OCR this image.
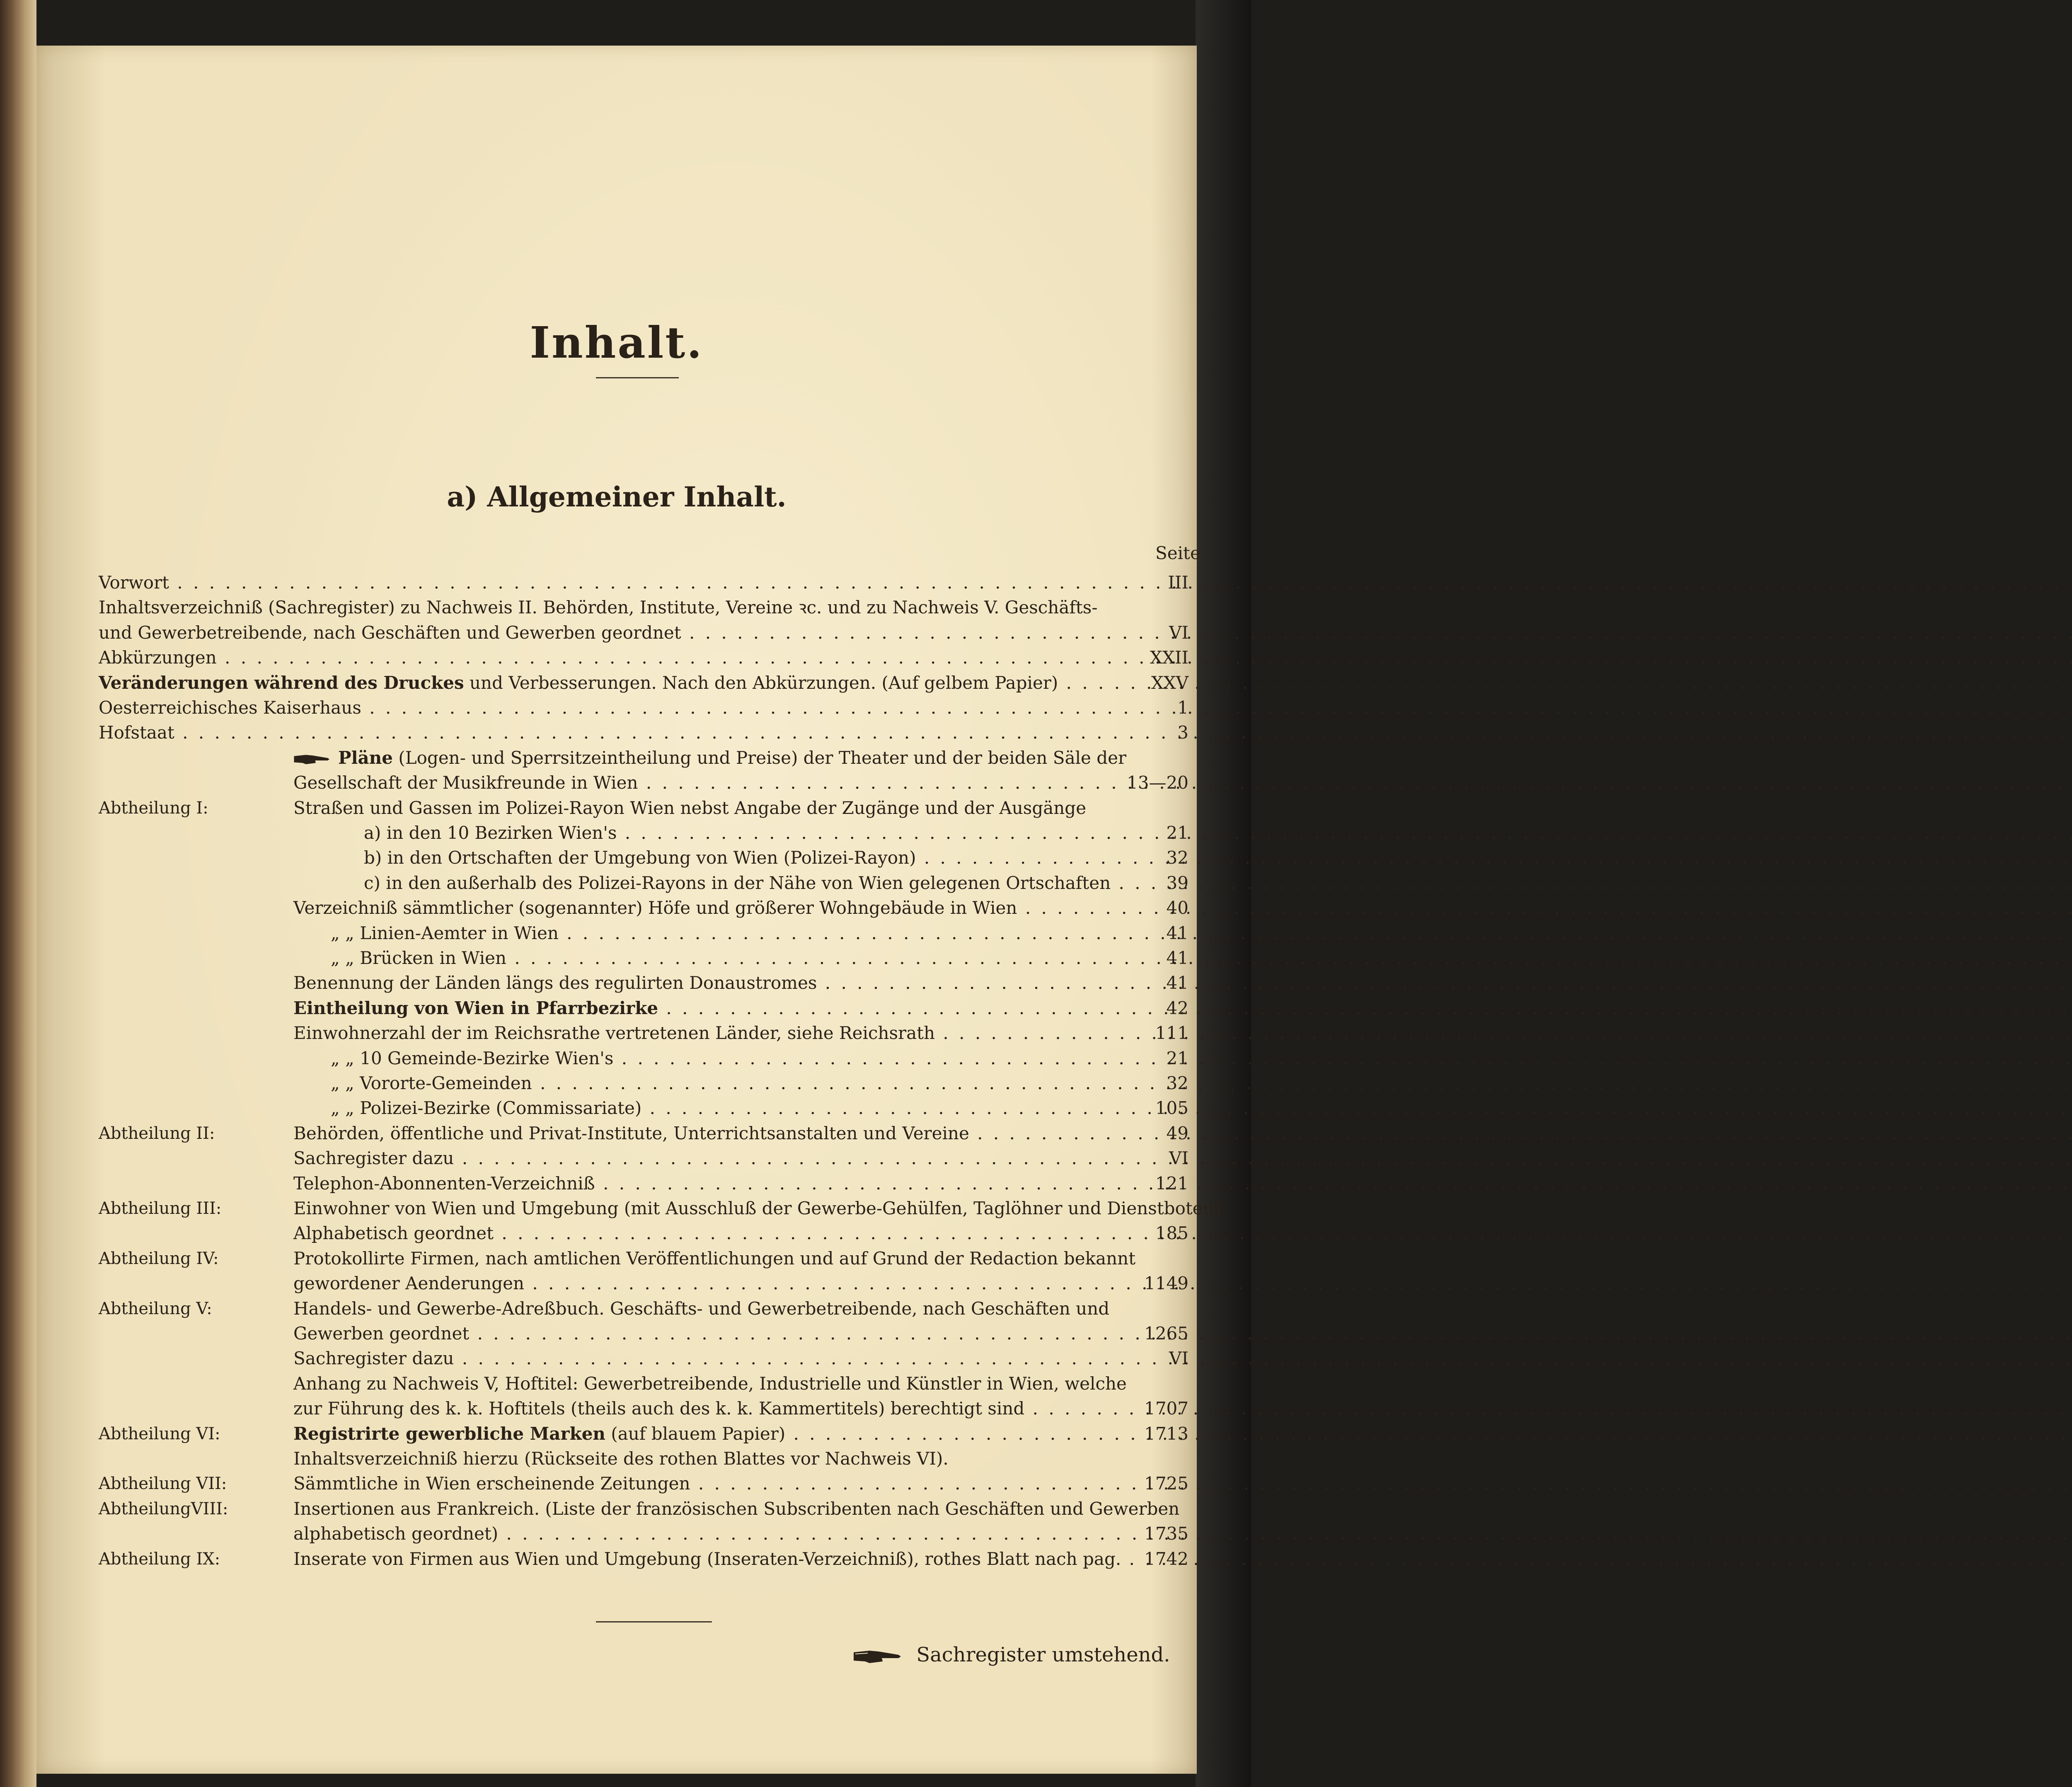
Inhalt.
a) Allgemeiner Inhalt.
Seite
Vorwort . . .	III
Inhaltsverzeichniß (Sachregister) zu Nachweis II. Behörden, Institute, Vereine ꝛc. und zu Nachweis V. Geschäfts-
und Gewerbetreibende, nach Geschäften und Gewerben geordnet . . .	VI
Abkürzungen . . .	XXII
Veränderungen während des Druckes und Verbesserungen. Nach den Abkürzungen. (Auf gelbem Papier) . . .	XXV
Oesterreichisches Kaiserhaus . . .	1
Hofstaat . . .	3
Pläne (Logen- und Sperrsitzeintheilung und Preise) der Theater und der beiden Säle der
Gesellschaft der Musikfreunde in Wien . . .	13—20
Abtheilung I:	Straßen und Gassen im Polizei-Rayon Wien nebst Angabe der Zugänge und der Ausgänge
a) in den 10 Bezirken Wien's . . .	21
b) in den Ortschaften der Umgebung von Wien (Polizei-Rayon) . . .	32
c) in den außerhalb des Polizei-Rayons in der Nähe von Wien gelegenen Ortschaften . . .	39
Verzeichniß sämmtlicher (sogenannter) Höfe und größerer Wohngebäude in Wien . . .	40
„ „ Linien-Aemter in Wien . . .	41
„ „ Brücken in Wien . . .	41
Benennung der Länden längs des regulirten Donaustromes . . .	41
Eintheilung von Wien in Pfarrbezirke . . .	42
Einwohnerzahl der im Reichsrathe vertretenen Länder, siehe Reichsrath . . .	111
„ „ 10 Gemeinde-Bezirke Wien's . . .	21
„ „ Vororte-Gemeinden . . .	32
„ „ Polizei-Bezirke (Commissariate) . . .	105
Abtheilung II:	Behörden, öffentliche und Privat-Institute, Unterrichtsanstalten und Vereine . . .	49
Sachregister dazu . . .	VI
Telephon-Abonnenten-Verzeichniß . . .	121
Abtheilung III:	Einwohner von Wien und Umgebung (mit Ausschluß der Gewerbe-Gehülfen, Taglöhner und Dienstboten).
Alphabetisch geordnet . . .	185
Abtheilung IV:	Protokollirte Firmen, nach amtlichen Veröffentlichungen und auf Grund der Redaction bekannt
gewordener Aenderungen . . .	1149
Abtheilung V:	Handels- und Gewerbe-Adreßbuch. Geschäfts- und Gewerbetreibende, nach Geschäften und
Gewerben geordnet . . .	1265
Sachregister dazu . . .	VI
Anhang zu Nachweis V, Hoftitel: Gewerbetreibende, Industrielle und Künstler in Wien, welche
zur Führung des k. k. Hoftitels (theils auch des k. k. Kammertitels) berechtigt sind . . .	1707
Abtheilung VI:	Registrirte gewerbliche Marken (auf blauem Papier) . . .	1713
Inhaltsverzeichniß hierzu (Rückseite des rothen Blattes vor Nachweis VI).
Abtheilung VII:	Sämmtliche in Wien erscheinende Zeitungen . . .	1725
AbtheilungVIII:	Insertionen aus Frankreich. (Liste der französischen Subscribenten nach Geschäften und Gewerben
alphabetisch geordnet) . . .	1735
Abtheilung IX:	Inserate von Firmen aus Wien und Umgebung (Inseraten-Verzeichniß), rothes Blatt nach pag. . . .	1742
Sachregister umstehend.
